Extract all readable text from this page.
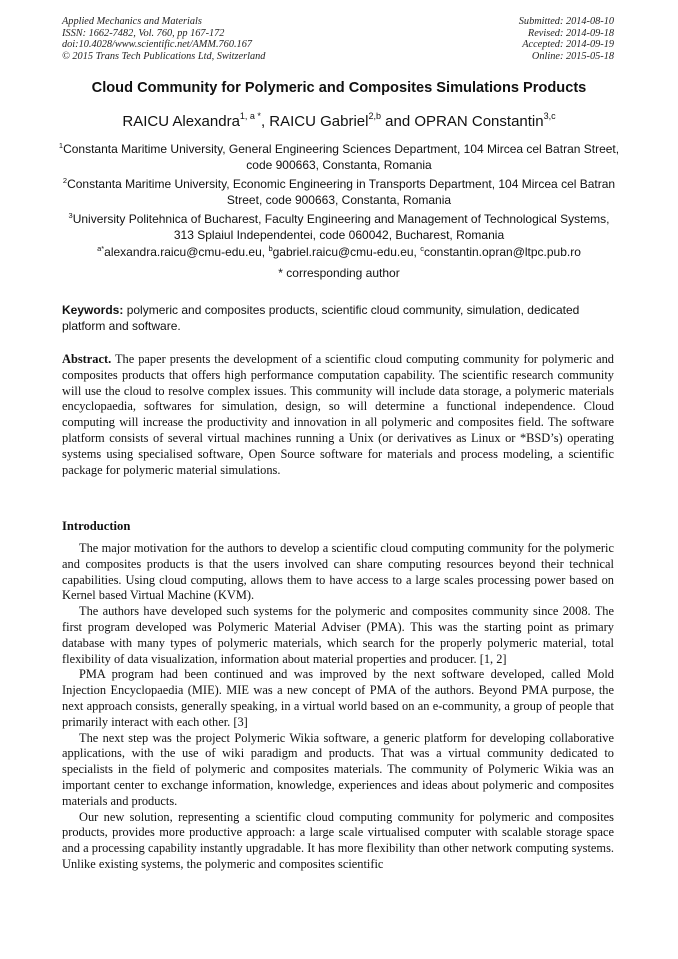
Applied Mechanics and Materials
ISSN: 1662-7482, Vol. 760, pp 167-172
doi:10.4028/www.scientific.net/AMM.760.167
© 2015 Trans Tech Publications Ltd, Switzerland
Submitted: 2014-08-10
Revised: 2014-09-18
Accepted: 2014-09-19
Online: 2015-05-18
Cloud Community for Polymeric and Composites Simulations Products
RAICU Alexandra$^{1, a *}$, RAICU Gabriel$^{2,b}$ and OPRAN Constantin$^{3,c}$
$^1$Constanta Maritime University, General Engineering Sciences Department, 104 Mircea cel Batran Street, code 900663, Constanta, Romania
$^2$Constanta Maritime University, Economic Engineering in Transports Department, 104 Mircea cel Batran Street, code 900663, Constanta, Romania
$^3$University Politehnica of Bucharest, Faculty Engineering and Management of Technological Systems, 313 Splaiul Independentei, code 060042, Bucharest, Romania
$^{a*}$alexandra.raicu@cmu-edu.eu, $^b$gabriel.raicu@cmu-edu.eu, $^c$constantin.opran@ltpc.pub.ro
* corresponding author
Keywords: polymeric and composites products, scientific cloud community, simulation, dedicated platform and software.
Abstract. The paper presents the development of a scientific cloud computing community for polymeric and composites products that offers high performance computation capability. The scientific research community will use the cloud to resolve complex issues. This community will include data storage, a polymeric materials encyclopaedia, softwares for simulation, design, so will determine a functional independence. Cloud computing will increase the productivity and innovation in all polymeric and composites field. The software platform consists of several virtual machines running a Unix (or derivatives as Linux or *BSD’s) operating systems using specialised software, Open Source software for materials and process modeling, a scientific package for polymeric material simulations.
Introduction

The major motivation for the authors to develop a scientific cloud computing community for the polymeric and composites products is that the users involved can share computing resources beyond their technical capabilities. Using cloud computing, allows them to have access to a large scales processing power based on Kernel based Virtual Machine (KVM).

The authors have developed such systems for the polymeric and composites community since 2008. The first program developed was Polymeric Material Adviser (PMA). This was the starting point as primary database with many types of polymeric materials, which search for the properly polymeric material, total flexibility of data visualization, information about material properties and producer. [1, 2]

PMA program had been continued and was improved by the next software developed, called Mold Injection Encyclopaedia (MIE). MIE was a new concept of PMA of the authors. Beyond PMA purpose, the next approach consists, generally speaking, in a virtual world based on an e-community, a group of people that primarily interact with each other. [3]

The next step was the project Polymeric Wikia software, a generic platform for developing collaborative applications, with the use of wiki paradigm and products. That was a virtual community dedicated to specialists in the field of polymeric and composites materials. The community of Polymeric Wikia was an important center to exchange information, knowledge, experiences and ideas about polymeric and composites materials and products.

Our new solution, representing a scientific cloud computing community for polymeric and composites products, provides more productive approach: a large scale virtualised computer with scalable storage space and a processing capability instantly upgradable. It has more flexibility than other network computing systems. Unlike existing systems, the polymeric and composites scientific
